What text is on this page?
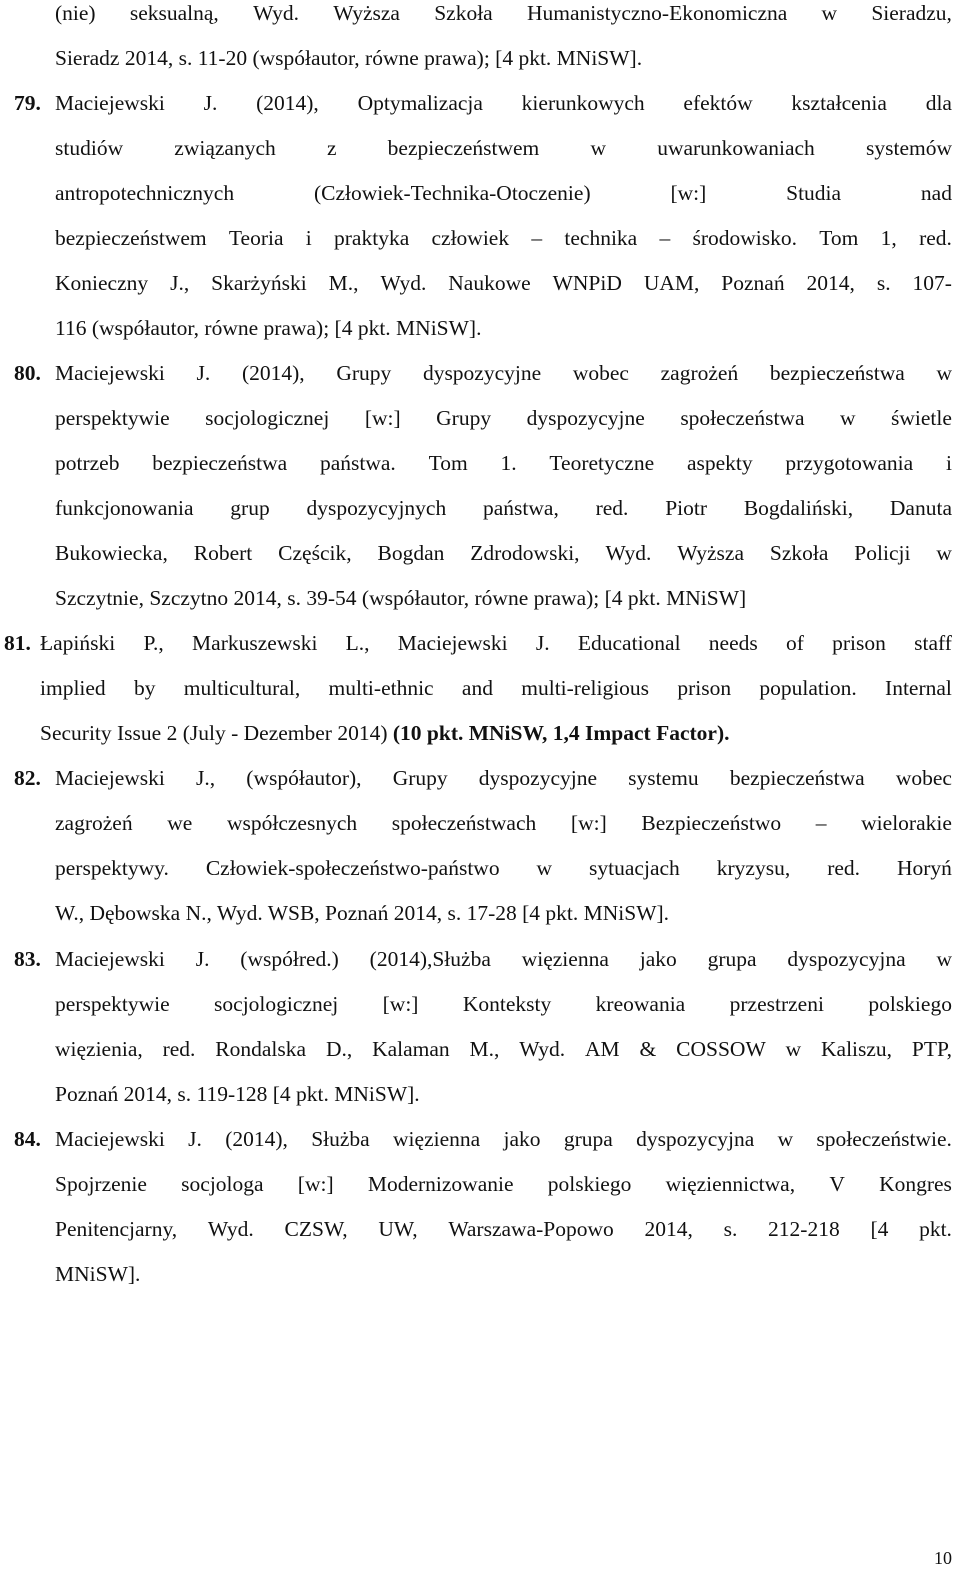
(nie) seksualną, Wyd. Wyższa Szkoła Humanistyczno-Ekonomiczna w Sieradzu,
Sieradz 2014, s. 11-20 (współautor, równe prawa); [4 pkt. MNiSW].
79. Maciejewski J. (2014), Optymalizacja kierunkowych efektów kształcenia dla
studiów związanych z bezpieczeństwem w uwarunkowaniach systemów
antropotechnicznych	(Człowiek-Technika-Otoczenie)	[w:]	Studia	nad
bezpieczeństwem Teoria i praktyka człowiek – technika – środowisko. Tom 1, red.
Konieczny J., Skarżyński M., Wyd. Naukowe WNPiD UAM, Poznań 2014, s. 107-
116 (współautor, równe prawa); [4 pkt. MNiSW].
80. Maciejewski J. (2014), Grupy dyspozycyjne wobec zagrożeń bezpieczeństwa w
perspektywie socjologicznej [w:] Grupy dyspozycyjne społeczeństwa w świetle
potrzeb bezpieczeństwa państwa. Tom 1. Teoretyczne aspekty przygotowania i
funkcjonowania grup dyspozycyjnych państwa, red. Piotr Bogdaliński, Danuta
Bukowiecka, Robert Częścik, Bogdan Zdrodowski, Wyd. Wyższa Szkoła Policji w
Szczytnie, Szczytno 2014, s. 39-54 (współautor, równe prawa); [4 pkt. MNiSW]
81. Łapiński P., Markuszewski L., Maciejewski J. Educational needs of prison staff
implied by multicultural, multi-ethnic and multi-religious prison population. Internal
Security Issue 2 (July - Dezember 2014) (10 pkt. MNiSW, 1,4 Impact Factor).
82. Maciejewski J., (współautor), Grupy dyspozycyjne systemu bezpieczeństwa wobec
zagrożeń we współczesnych społeczeństwach [w:] Bezpieczeństwo – wielorakie
perspektywy. Człowiek-społeczeństwo-państwo w sytuacjach kryzysu, red. Horyń
W., Dębowska N., Wyd. WSB, Poznań 2014, s. 17-28 [4 pkt. MNiSW].
83. Maciejewski J. (współred.) (2014),Służba więzienna jako grupa dyspozycyjna w
perspektywie socjologicznej [w:] Konteksty kreowania przestrzeni polskiego
więzienia, red. Rondalska D., Kalaman M., Wyd. AM & COSSOW w Kaliszu, PTP,
Poznań 2014, s. 119-128 [4 pkt. MNiSW].
84. Maciejewski J. (2014), Służba więzienna jako grupa dyspozycyjna w społeczeństwie.
Spojrzenie socjologa [w:] Modernizowanie polskiego więziennictwa, V Kongres
Penitencjarny, Wyd. CZSW, UW, Warszawa-Popowo 2014, s. 212-218 [4 pkt.
MNiSW].
10
